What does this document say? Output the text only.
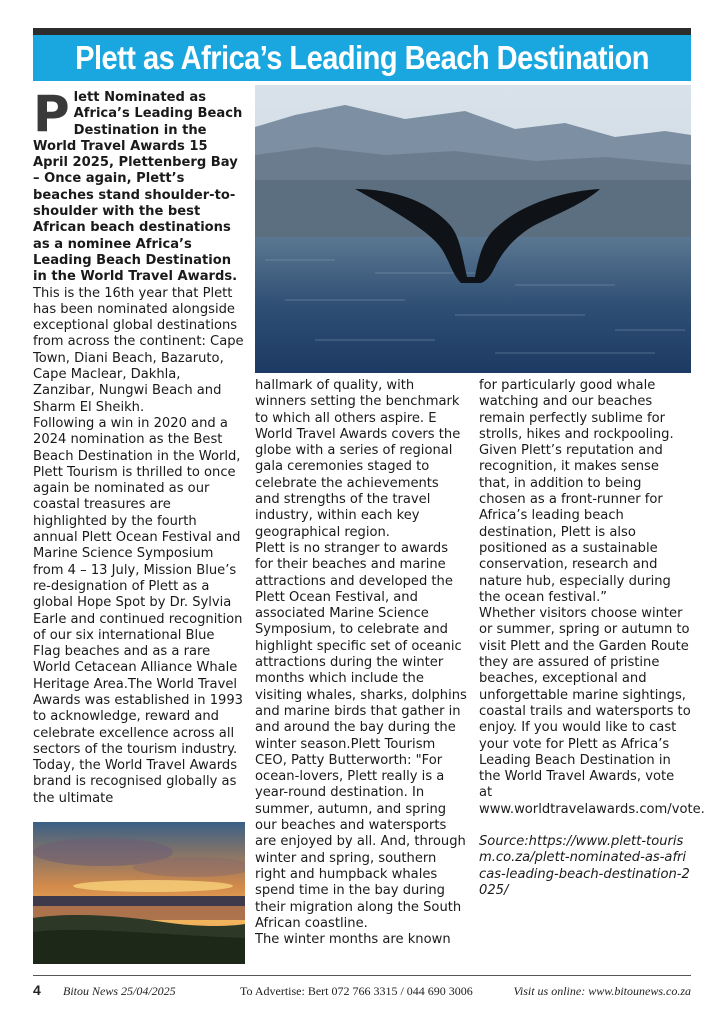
Plett as Africa’s Leading Beach Destination

Plett Nominated as Africa’s Leading Beach Destination in the World Travel Awards 15 April 2025, Plettenberg Bay – Once again, Plett’s beaches stand shoulder-to-shoulder with the best African beach destinations as a nominee Africa’s Leading Beach Destination in the World Travel Awards.

This is the 16th year that Plett has been nominated alongside exceptional global destinations from across the continent: Cape Town, Diani Beach, Bazaruto, Cape Maclear, Dakhla, Zanzibar, Nungwi Beach and Sharm El Sheikh.

Following a win in 2020 and a 2024 nomination as the Best Beach Destination in the World, Plett Tourism is thrilled to once again be nominated as our coastal treasures are highlighted by the fourth annual Plett Ocean Festival and Marine Science Symposium from 4 – 13 July, Mission Blue’s re-designation of Plett as a global Hope Spot by Dr. Sylvia Earle and continued recognition of our six international Blue Flag beaches and as a rare World Cetacean Alliance Whale Heritage Area.The World Travel Awards was established in 1993 to acknowledge, reward and celebrate excellence across all sectors of the tourism industry. Today, the World Travel Awards brand is recognised globally as the ultimate

hallmark of quality, with winners setting the benchmark to which all others aspire. E World Travel Awards covers the globe with a series of regional gala ceremonies staged to celebrate the achievements and strengths of the travel industry, within each key geographical region.

Plett is no stranger to awards for their beaches and marine attractions and developed the Plett Ocean Festival, and associated Marine Science Symposium, to celebrate and highlight specific set of oceanic attractions during the winter months which include the visiting whales, sharks, dolphins and marine birds that gather in and around the bay during the winter season.Plett Tourism CEO, Patty Butterworth: "For ocean-lovers, Plett really is a year-round destination. In summer, autumn, and spring our beaches and watersports are enjoyed by all. And, through winter and spring, southern right and humpback whales spend time in the bay during their migration along the South African coastline.

The winter months are known

for particularly good whale watching and our beaches remain perfectly sublime for strolls, hikes and rockpooling. Given Plett’s reputation and recognition, it makes sense that, in addition to being chosen as a front-runner for Africa’s leading beach destination, Plett is also positioned as a sustainable conservation, research and nature hub, especially during the ocean festival.”

Whether visitors choose winter or summer, spring or autumn to visit Plett and the Garden Route they are assured of pristine beaches, exceptional and unforgettable marine sightings, coastal trails and watersports to enjoy. If you would like to cast your vote for Plett as Africa’s Leading Beach Destination in the World Travel Awards, vote at www.worldtravelawards.com/vote.

Source:https://www.plett-tourism.co.za/plett-nominated-as-africas-leading-beach-destination-2025/

4 Bitou News 25/04/2025	To Advertise: Bert 072 766 3315 / 044 690 3006	Visit us online: www.bitounews.co.za
